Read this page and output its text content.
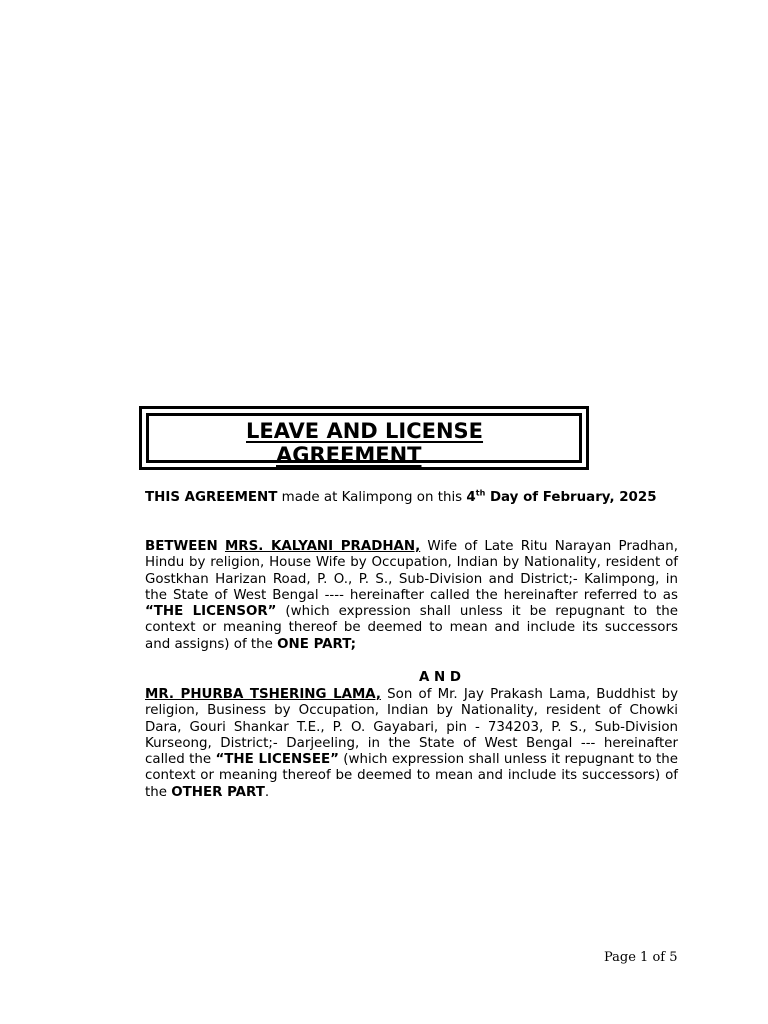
LEAVE AND LICENSE
AGREEMENT
THIS AGREEMENT made at Kalimpong on this 4th Day of February, 2025
BETWEEN MRS. KALYANI PRADHAN, Wife of Late Ritu Narayan Pradhan, Hindu by religion, House Wife by Occupation, Indian by Nationality, resident of Gostkhan Harizan Road, P. O., P. S., Sub-Division and District;- Kalimpong, in the State of West Bengal ---- hereinafter called the hereinafter referred to as “THE LICENSOR” (which expression shall unless it be repugnant to the context or meaning thereof be deemed to mean and include its successors and assigns) of the ONE PART;
A N D
MR. PHURBA TSHERING LAMA, Son of Mr. Jay Prakash Lama, Buddhist by religion, Business by Occupation, Indian by Nationality, resident of Chowki Dara, Gouri Shankar T.E., P. O. Gayabari, pin - 734203, P. S., Sub-Division Kurseong, District;- Darjeeling, in the State of West Bengal --- hereinafter called the “THE LICENSEE” (which expression shall unless it repugnant to the context or meaning thereof be deemed to mean and include its successors) of the OTHER PART.
Page 1 of 5
